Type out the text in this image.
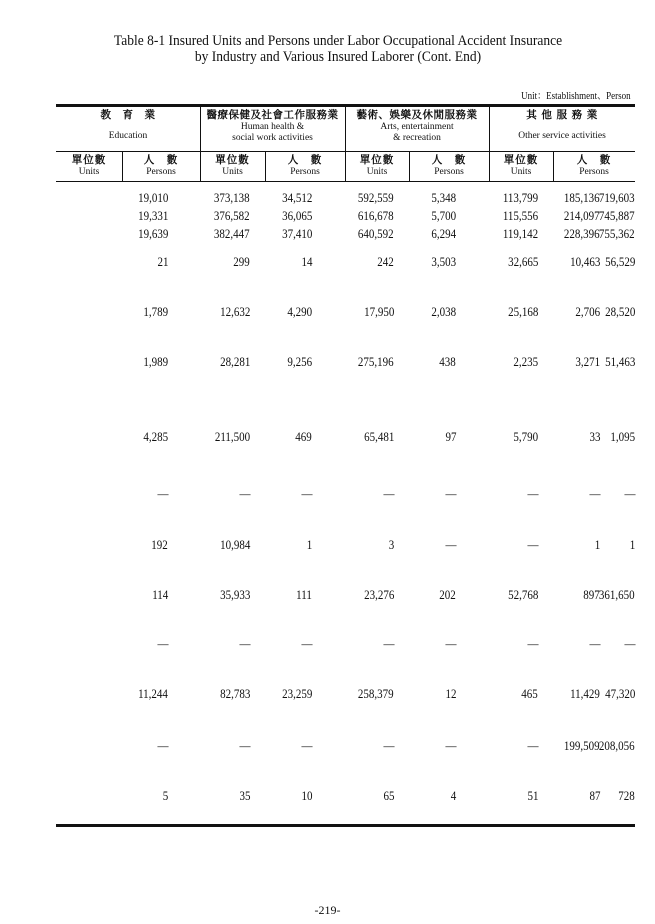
Table 8-1 Insured Units and Persons under Labor Occupational Accident Insurance
by Industry and Various Insured Laborer (Cont. End)
Unit：Establishment、Person
教　育　業
Education
醫療保健及社會工作服務業
Human health &
social work activities
藝術、娛樂及休閒服務業
Arts, entertainment
& recreation
其 他 服 務 業
Other service activities
單位數
Units
人　數
Persons
單位數
Units
人　數
Persons
單位數
Units
人　數
Persons
單位數
Units
人　數
Persons
19,010	373,138	34,512	592,559	5,348	113,799 185,136 719,603
19,331	376,582	36,065	616,678	5,700	115,556 214,097 745,887
19,639	382,447	37,410	640,592	6,294	119,142 228,396 755,362
21	299	14	242	3,503	32,665	10,463 56,529
1,789	12,632	4,290	17,950	2,038	25,168	2,706 28,520
1,989	28,281	9,256	275,196	438	2,235	3,271 51,463
4,285	211,500	469	65,481	97	5,790	33 1,095
—	—	—	—	—	—	— —
192	10,984	1	3	—	—	1 1
114	35,933	111	23,276	202	52,768	897 361,650
—	—	—	—	—	—	— —
11,244	82,783	23,259	258,379	12	465	11,429 47,320
—	—	—	—	—	— 199,509 208,056
5	35	10	65	4	51	87 728
-219-
